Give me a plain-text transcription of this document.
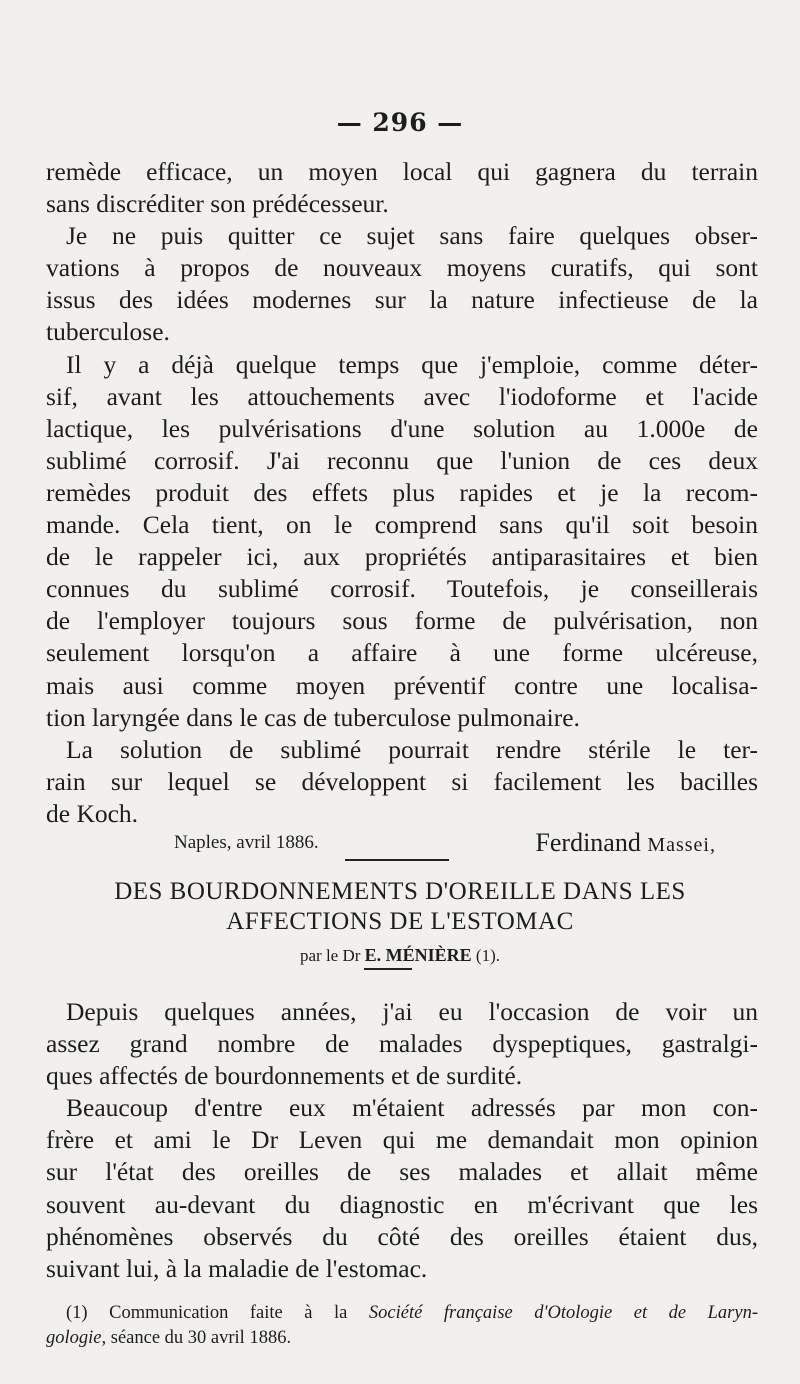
— 296 —
remède efficace, un moyen local qui gagnera du terrain
sans discréditer son prédécesseur.
Je ne puis quitter ce sujet sans faire quelques obser-
vations à propos de nouveaux moyens curatifs, qui sont
issus des idées modernes sur la nature infectieuse de la
tuberculose.
Il y a déjà quelque temps que j'emploie, comme déter-
sif, avant les attouchements avec l'iodoforme et l'acide
lactique, les pulvérisations d'une solution au 1.000e de
sublimé corrosif. J'ai reconnu que l'union de ces deux
remèdes produit des effets plus rapides et je la recom-
mande. Cela tient, on le comprend sans qu'il soit besoin
de le rappeler ici, aux propriétés antiparasitaires et bien
connues du sublimé corrosif. Toutefois, je conseillerais
de l'employer toujours sous forme de pulvérisation, non
seulement lorsqu'on a affaire à une forme ulcéreuse,
mais ausi comme moyen préventif contre une localisa-
tion laryngée dans le cas de tuberculose pulmonaire.
La solution de sublimé pourrait rendre stérile le ter-
rain sur lequel se développent si facilement les bacilles
de Koch.
Naples, avril 1886.	Ferdinand Massei,
DES BOURDONNEMENTS D'OREILLE DANS LES
AFFECTIONS DE L'ESTOMAC
par le Dr E. MÉNIÈRE (1).
Depuis quelques années, j'ai eu l'occasion de voir un
assez grand nombre de malades dyspeptiques, gastralgi-
ques affectés de bourdonnements et de surdité.
Beaucoup d'entre eux m'étaient adressés par mon con-
frère et ami le Dr Leven qui me demandait mon opinion
sur l'état des oreilles de ses malades et allait même
souvent au-devant du diagnostic en m'écrivant que les
phénomènes observés du côté des oreilles étaient dus,
suivant lui, à la maladie de l'estomac.
(1) Communication faite à la Société française d'Otologie et de Laryn-
gologie, séance du 30 avril 1886.
